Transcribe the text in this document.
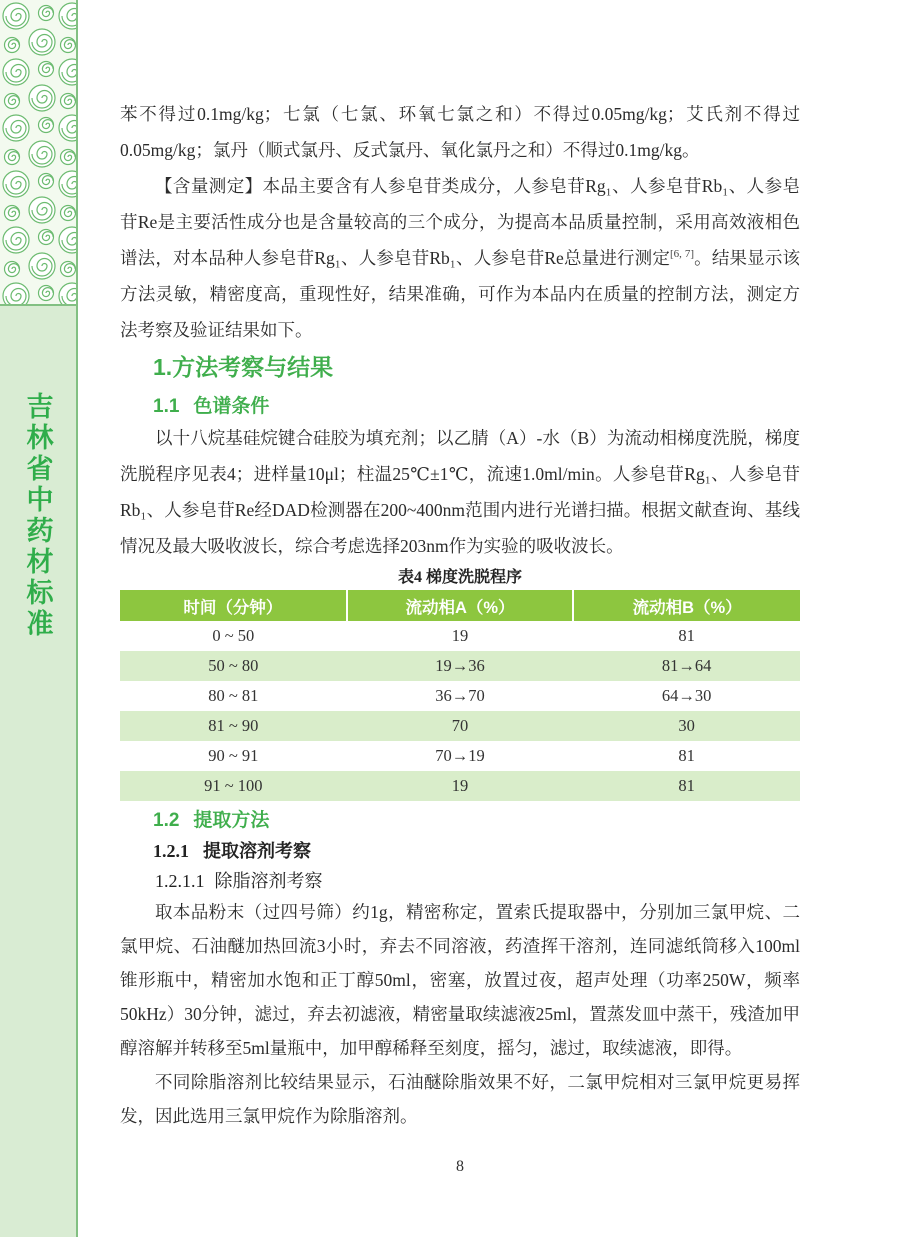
吉林省中药材标准

苯不得过0.1mg/kg；七氯（七氯、环氧七氯之和）不得过0.05mg/kg；艾氏剂不得过0.05mg/kg；氯丹（顺式氯丹、反式氯丹、氧化氯丹之和）不得过0.1mg/kg。

【含量测定】本品主要含有人参皂苷类成分，人参皂苷Rg₁、人参皂苷Rb₁、人参皂苷Re是主要活性成分也是含量较高的三个成分，为提高本品质量控制，采用高效液相色谱法，对本品种人参皂苷Rg₁、人参皂苷Rb₁、人参皂苷Re总量进行测定[6, 7]。结果显示该方法灵敏，精密度高，重现性好，结果准确，可作为本品内在质量的控制方法，测定方法考察及验证结果如下。

1.方法考察与结果
1.1 色谱条件

以十八烷基硅烷键合硅胶为填充剂；以乙腈（A）-水（B）为流动相梯度洗脱，梯度洗脱程序见表4；进样量10μl；柱温25℃±1℃，流速1.0ml/min。人参皂苷Rg₁、人参皂苷Rb₁、人参皂苷Re经DAD检测器在200~400nm范围内进行光谱扫描。根据文献查询、基线情况及最大吸收波长，综合考虑选择203nm作为实验的吸收波长。

表4 梯度洗脱程序
时间（分钟）	流动相A（%）	流动相B（%）
0 ~ 50	19	81
50 ~ 80	19→36	81→64
80 ~ 81	36→70	64→30
81 ~ 90	70	30
90 ~ 91	70→19	81
91 ~ 100	19	81
1.2 提取方法
1.2.1 提取溶剂考察
1.2.1.1 除脂溶剂考察

取本品粉末（过四号筛）约1g，精密称定，置索氏提取器中，分别加三氯甲烷、二氯甲烷、石油醚加热回流3小时，弃去不同溶液，药渣挥干溶剂，连同滤纸筒移入100ml锥形瓶中，精密加水饱和正丁醇50ml，密塞，放置过夜，超声处理（功率250W，频率50kHz）30分钟，滤过，弃去初滤液，精密量取续滤液25ml，置蒸发皿中蒸干，残渣加甲醇溶解并转移至5ml量瓶中，加甲醇稀释至刻度，摇匀，滤过，取续滤液，即得。

不同除脂溶剂比较结果显示，石油醚除脂效果不好，二氯甲烷相对三氯甲烷更易挥发，因此选用三氯甲烷作为除脂溶剂。

8
